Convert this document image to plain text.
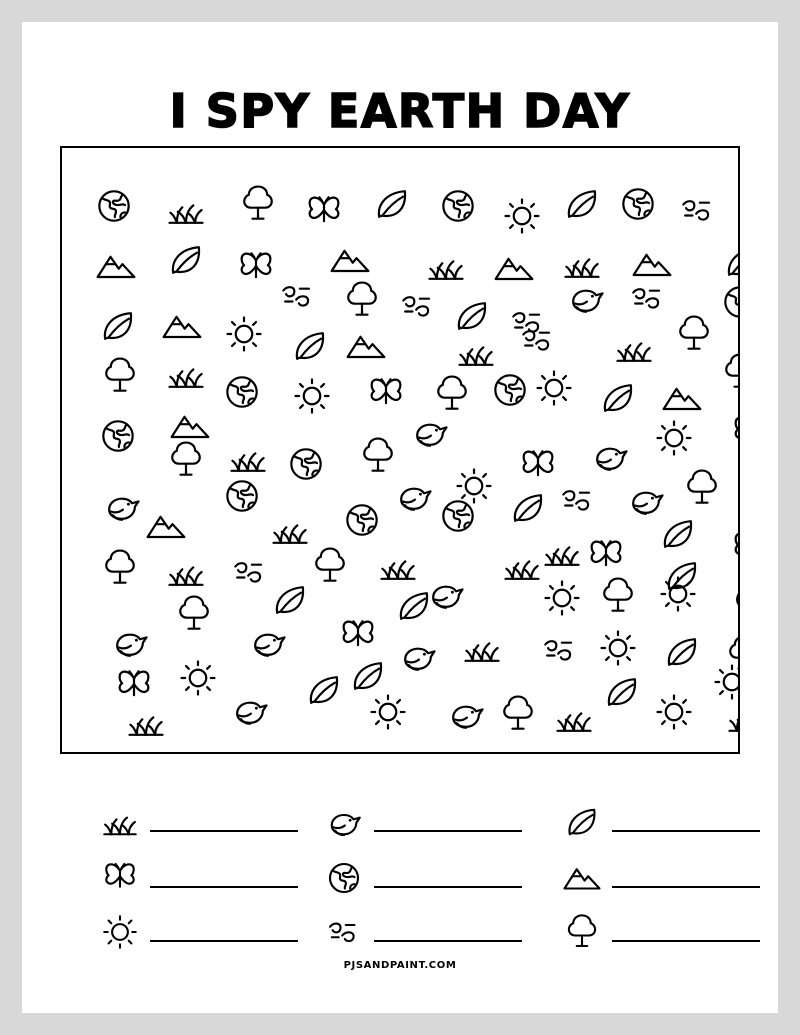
I SPY EARTH DAY
PJSANDPAINT.COM
